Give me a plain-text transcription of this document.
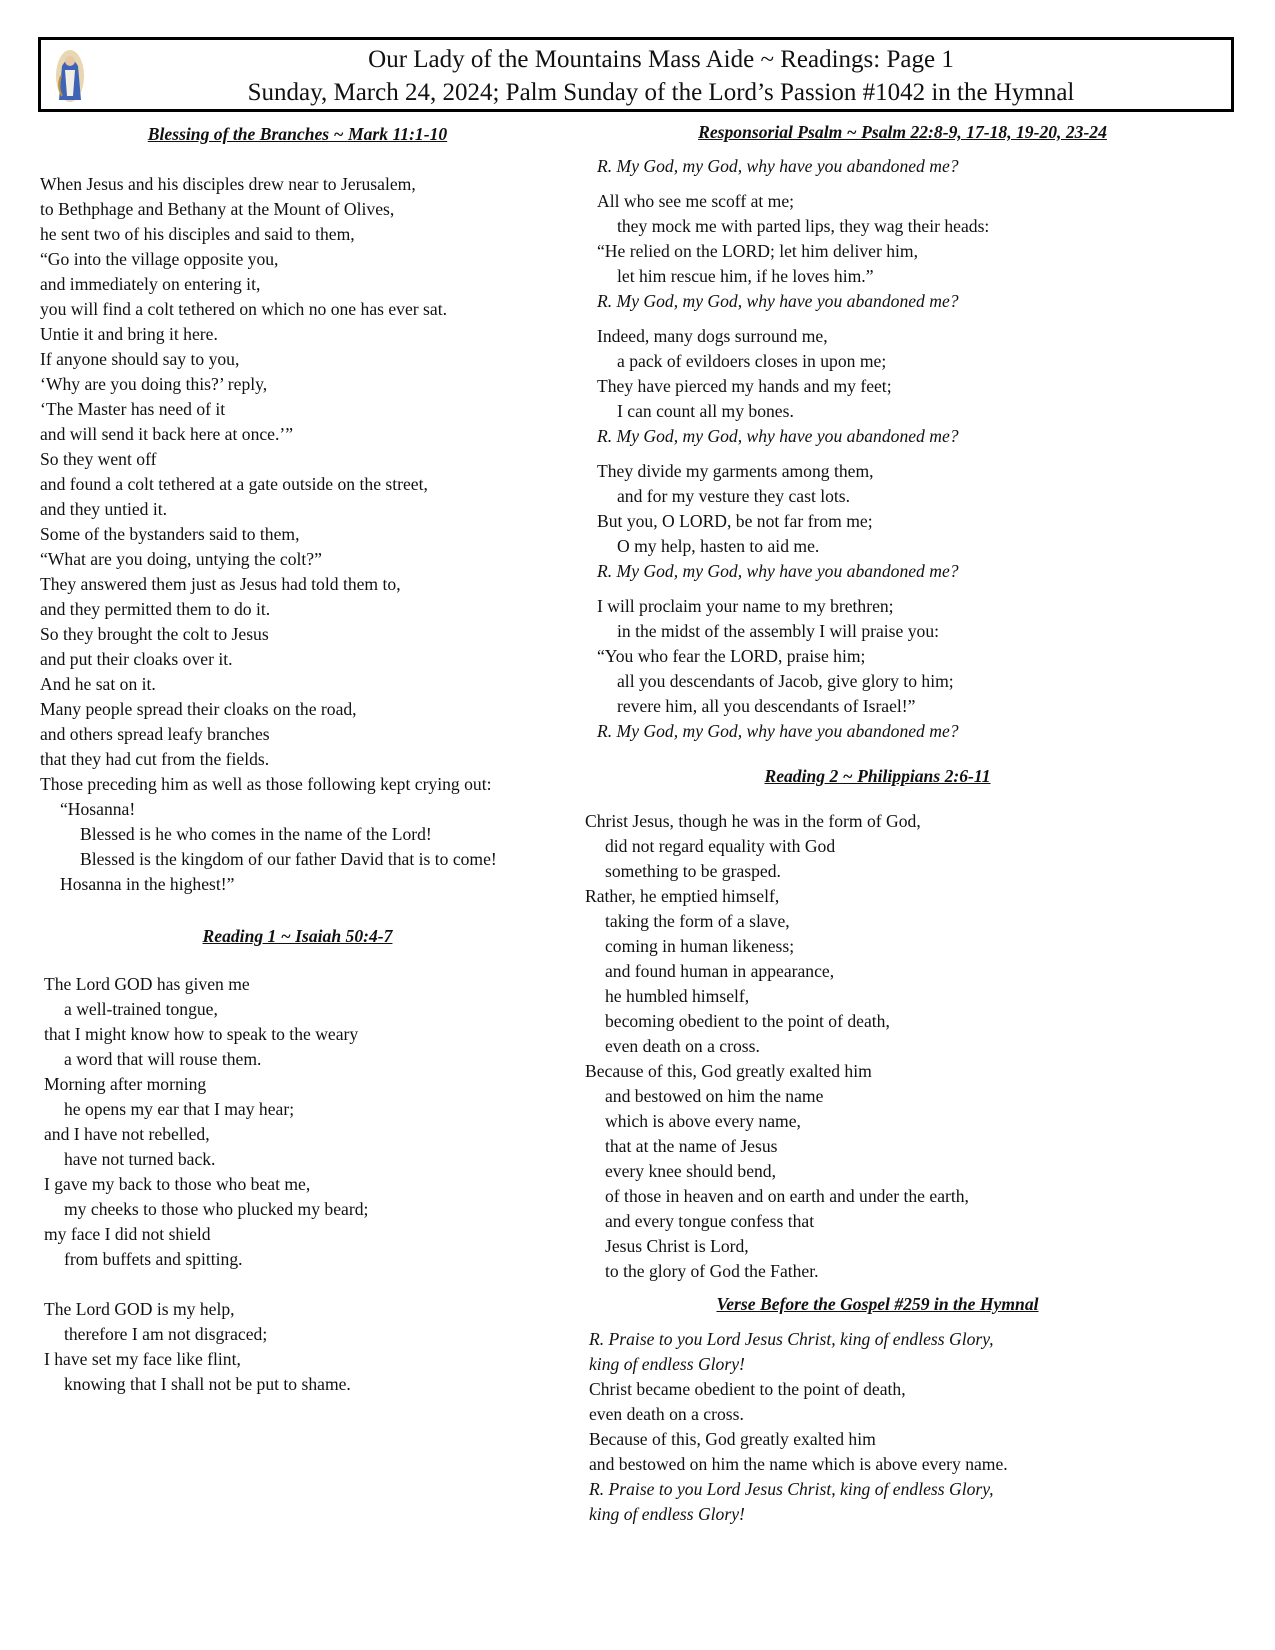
Our Lady of the Mountains Mass Aide ~ Readings: Page 1
Sunday, March 24, 2024; Palm Sunday of the Lord’s Passion #1042 in the Hymnal
Blessing of the Branches ~ Mark 11:1-10
When Jesus and his disciples drew near to Jerusalem,
to Bethphage and Bethany at the Mount of Olives,
he sent two of his disciples and said to them,
“Go into the village opposite you,
and immediately on entering it,
you will find a colt tethered on which no one has ever sat.
Untie it and bring it here.
If anyone should say to you,
‘Why are you doing this?’ reply,
‘The Master has need of it
and will send it back here at once.’”
So they went off
and found a colt tethered at a gate outside on the street,
and they untied it.
Some of the bystanders said to them,
“What are you doing, untying the colt?”
They answered them just as Jesus had told them to,
and they permitted them to do it.
So they brought the colt to Jesus
and put their cloaks over it.
And he sat on it.
Many people spread their cloaks on the road,
and others spread leafy branches
that they had cut from the fields.
Those preceding him as well as those following kept crying out:
“Hosanna!
Blessed is he who comes in the name of the Lord!
Blessed is the kingdom of our father David that is to come!
Hosanna in the highest!”
Reading 1 ~ Isaiah 50:4-7
The Lord GOD has given me
a well-trained tongue,
that I might know how to speak to the weary
a word that will rouse them.
Morning after morning
he opens my ear that I may hear;
and I have not rebelled,
have not turned back.
I gave my back to those who beat me,
my cheeks to those who plucked my beard;
my face I did not shield
from buffets and spitting.
The Lord GOD is my help,
therefore I am not disgraced;
I have set my face like flint,
knowing that I shall not be put to shame.
Responsorial Psalm ~ Psalm 22:8-9, 17-18, 19-20, 23-24
R. My God, my God, why have you abandoned me?
All who see me scoff at me;
they mock me with parted lips, they wag their heads:
“He relied on the LORD; let him deliver him,
let him rescue him, if he loves him.”
R. My God, my God, why have you abandoned me?
Indeed, many dogs surround me,
a pack of evildoers closes in upon me;
They have pierced my hands and my feet;
I can count all my bones.
R. My God, my God, why have you abandoned me?
They divide my garments among them,
and for my vesture they cast lots.
But you, O LORD, be not far from me;
O my help, hasten to aid me.
R. My God, my God, why have you abandoned me?
I will proclaim your name to my brethren;
in the midst of the assembly I will praise you:
“You who fear the LORD, praise him;
all you descendants of Jacob, give glory to him;
revere him, all you descendants of Israel!”
R. My God, my God, why have you abandoned me?
Reading 2 ~ Philippians 2:6-11
Christ Jesus, though he was in the form of God,
did not regard equality with God
something to be grasped.
Rather, he emptied himself,
taking the form of a slave,
coming in human likeness;
and found human in appearance,
he humbled himself,
becoming obedient to the point of death,
even death on a cross.
Because of this, God greatly exalted him
and bestowed on him the name
which is above every name,
that at the name of Jesus
every knee should bend,
of those in heaven and on earth and under the earth,
and every tongue confess that
Jesus Christ is Lord,
to the glory of God the Father.
Verse Before the Gospel #259 in the Hymnal
R. Praise to you Lord Jesus Christ, king of endless Glory,
king of endless Glory!
Christ became obedient to the point of death,
even death on a cross.
Because of this, God greatly exalted him
and bestowed on him the name which is above every name.
R. Praise to you Lord Jesus Christ, king of endless Glory,
king of endless Glory!
